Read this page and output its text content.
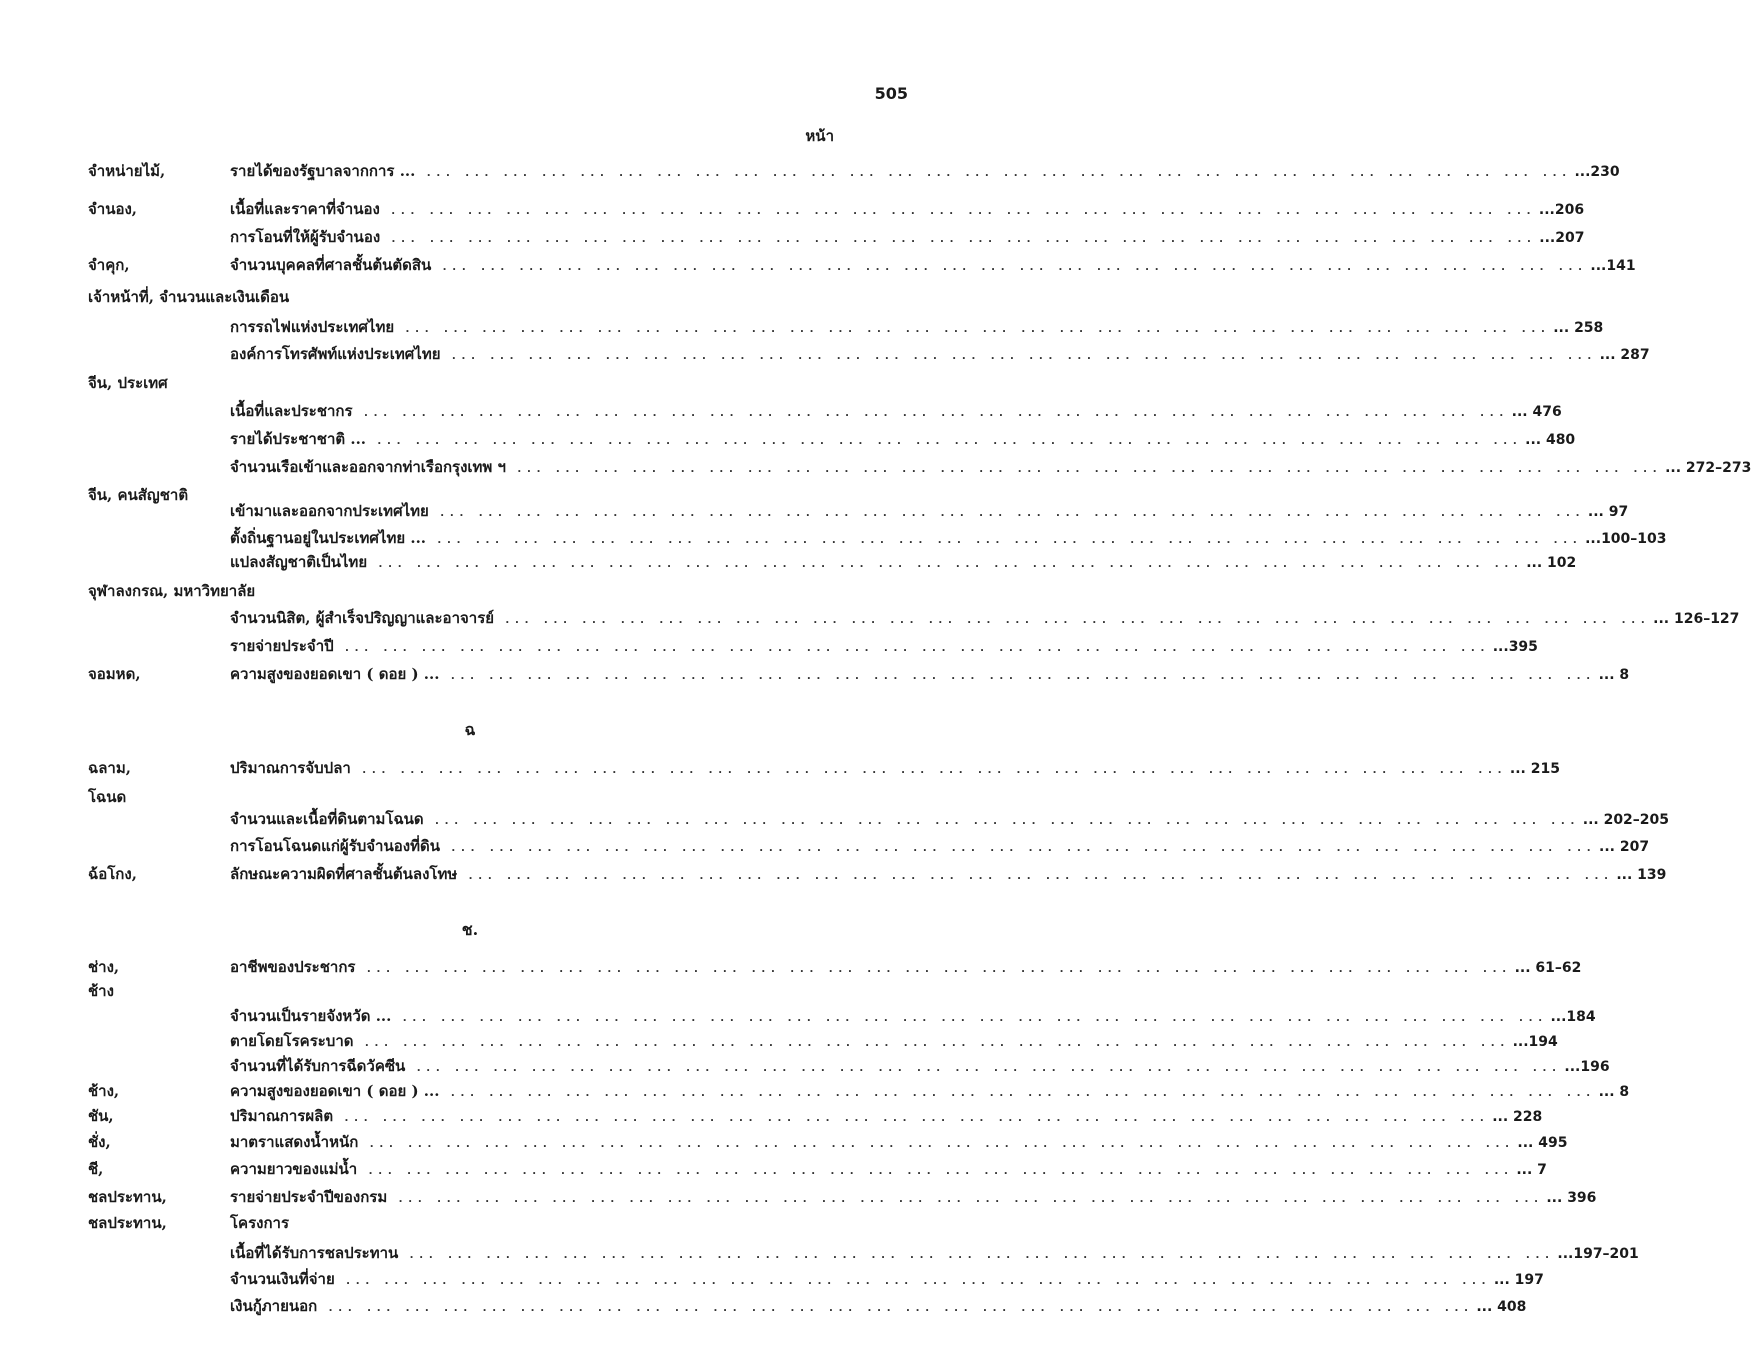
505
หน้า
จำหน่ายไม้,	รายได้ของรัฐบาลจากการ ... ... ... ... ... ... ... ... ... ... ... ... ... ... ... ... ... ... ... ... ... ... ... ... ... ... ... ... ... ... ... ...230
จำนอง,	เนื้อที่และราคาที่จำนอง ... ... ... ... ... ... ... ... ... ... ... ... ... ... ... ... ... ... ... ... ... ... ... ... ... ... ... ... ... ... ...206
การโอนที่ให้ผู้รับจำนอง ... ... ... ... ... ... ... ... ... ... ... ... ... ... ... ... ... ... ... ... ... ... ... ... ... ... ... ... ... ... ...207
จำคุก,	จำนวนบุคคลที่ศาลชั้นต้นตัดสิน ... ... ... ... ... ... ... ... ... ... ... ... ... ... ... ... ... ... ... ... ... ... ... ... ... ... ... ... ... ... ...141
เจ้าหน้าที่, จำนวนและเงินเดือน
การรถไฟแห่งประเทศไทย ... ... ... ... ... ... ... ... ... ... ... ... ... ... ... ... ... ... ... ... ... ... ... ... ... ... ... ... ... ... ... 258
องค์การโทรศัพท์แห่งประเทศไทย ... ... ... ... ... ... ... ... ... ... ... ... ... ... ... ... ... ... ... ... ... ... ... ... ... ... ... ... ... ... ... 287
จีน, ประเทศ
เนื้อที่และประชากร ... ... ... ... ... ... ... ... ... ... ... ... ... ... ... ... ... ... ... ... ... ... ... ... ... ... ... ... ... ... ... 476
รายได้ประชาชาติ ... ... ... ... ... ... ... ... ... ... ... ... ... ... ... ... ... ... ... ... ... ... ... ... ... ... ... ... ... ... ... ... 480
จำนวนเรือเข้าและออกจากท่าเรือกรุงเทพ ฯ ... ... ... ... ... ... ... ... ... ... ... ... ... ... ... ... ... ... ... ... ... ... ... ... ... ... ... ... ... ... ... 272–273
จีน, คนสัญชาติ
เข้ามาและออกจากประเทศไทย ... ... ... ... ... ... ... ... ... ... ... ... ... ... ... ... ... ... ... ... ... ... ... ... ... ... ... ... ... ... ... 97
ตั้งถิ่นฐานอยู่ในประเทศไทย ... ... ... ... ... ... ... ... ... ... ... ... ... ... ... ... ... ... ... ... ... ... ... ... ... ... ... ... ... ... ... ...100–103
แปลงสัญชาติเป็นไทย ... ... ... ... ... ... ... ... ... ... ... ... ... ... ... ... ... ... ... ... ... ... ... ... ... ... ... ... ... ... ... 102
จุฬาลงกรณ, มหาวิทยาลัย
จำนวนนิสิต, ผู้สำเร็จปริญญาและอาจารย์ ... ... ... ... ... ... ... ... ... ... ... ... ... ... ... ... ... ... ... ... ... ... ... ... ... ... ... ... ... ... ... 126–127
รายจ่ายประจำปี ... ... ... ... ... ... ... ... ... ... ... ... ... ... ... ... ... ... ... ... ... ... ... ... ... ... ... ... ... ... ...395
จอมหด,	ความสูงของยอดเขา ( ดอย ) ... ... ... ... ... ... ... ... ... ... ... ... ... ... ... ... ... ... ... ... ... ... ... ... ... ... ... ... ... ... ... ... 8
ฉ
ฉลาม,	ปริมาณการจับปลา ... ... ... ... ... ... ... ... ... ... ... ... ... ... ... ... ... ... ... ... ... ... ... ... ... ... ... ... ... ... ... 215
โฉนด
จำนวนและเนื้อที่ดินตามโฉนด ... ... ... ... ... ... ... ... ... ... ... ... ... ... ... ... ... ... ... ... ... ... ... ... ... ... ... ... ... ... ... 202–205
การโอนโฉนดแก่ผู้รับจำนองที่ดิน ... ... ... ... ... ... ... ... ... ... ... ... ... ... ... ... ... ... ... ... ... ... ... ... ... ... ... ... ... ... ... 207
ฉ้อโกง,	ลักษณะความผิดที่ศาลชั้นต้นลงโทษ ... ... ... ... ... ... ... ... ... ... ... ... ... ... ... ... ... ... ... ... ... ... ... ... ... ... ... ... ... ... ... 139
ช.
ช่าง,	อาชีพของประชากร ... ... ... ... ... ... ... ... ... ... ... ... ... ... ... ... ... ... ... ... ... ... ... ... ... ... ... ... ... ... ... 61–62
ช้าง
จำนวนเป็นรายจังหวัด ... ... ... ... ... ... ... ... ... ... ... ... ... ... ... ... ... ... ... ... ... ... ... ... ... ... ... ... ... ... ... ...184
ตายโดยโรคระบาด ... ... ... ... ... ... ... ... ... ... ... ... ... ... ... ... ... ... ... ... ... ... ... ... ... ... ... ... ... ... ...194
จำนวนที่ได้รับการฉีดวัคซีน ... ... ... ... ... ... ... ... ... ... ... ... ... ... ... ... ... ... ... ... ... ... ... ... ... ... ... ... ... ... ...196
ช้าง,	ความสูงของยอดเขา ( ดอย ) ... ... ... ... ... ... ... ... ... ... ... ... ... ... ... ... ... ... ... ... ... ... ... ... ... ... ... ... ... ... ... ... 8
ชัน,	ปริมาณการผลิต ... ... ... ... ... ... ... ... ... ... ... ... ... ... ... ... ... ... ... ... ... ... ... ... ... ... ... ... ... ... ... 228
ชั่ง,	มาตราแสดงน้ำหนัก ... ... ... ... ... ... ... ... ... ... ... ... ... ... ... ... ... ... ... ... ... ... ... ... ... ... ... ... ... ... ... 495
ชี,	ความยาวของแม่น้ำ ... ... ... ... ... ... ... ... ... ... ... ... ... ... ... ... ... ... ... ... ... ... ... ... ... ... ... ... ... ... ... 7
ชลประทาน,	รายจ่ายประจำปีของกรม ... ... ... ... ... ... ... ... ... ... ... ... ... ... ... ... ... ... ... ... ... ... ... ... ... ... ... ... ... ... ... 396
ชลประทาน,	โครงการ
เนื้อที่ได้รับการชลประทาน ... ... ... ... ... ... ... ... ... ... ... ... ... ... ... ... ... ... ... ... ... ... ... ... ... ... ... ... ... ... ...197–201
จำนวนเงินที่จ่าย ... ... ... ... ... ... ... ... ... ... ... ... ... ... ... ... ... ... ... ... ... ... ... ... ... ... ... ... ... ... ... 197
เงินกู้ภายนอก ... ... ... ... ... ... ... ... ... ... ... ... ... ... ... ... ... ... ... ... ... ... ... ... ... ... ... ... ... ... ... 408
